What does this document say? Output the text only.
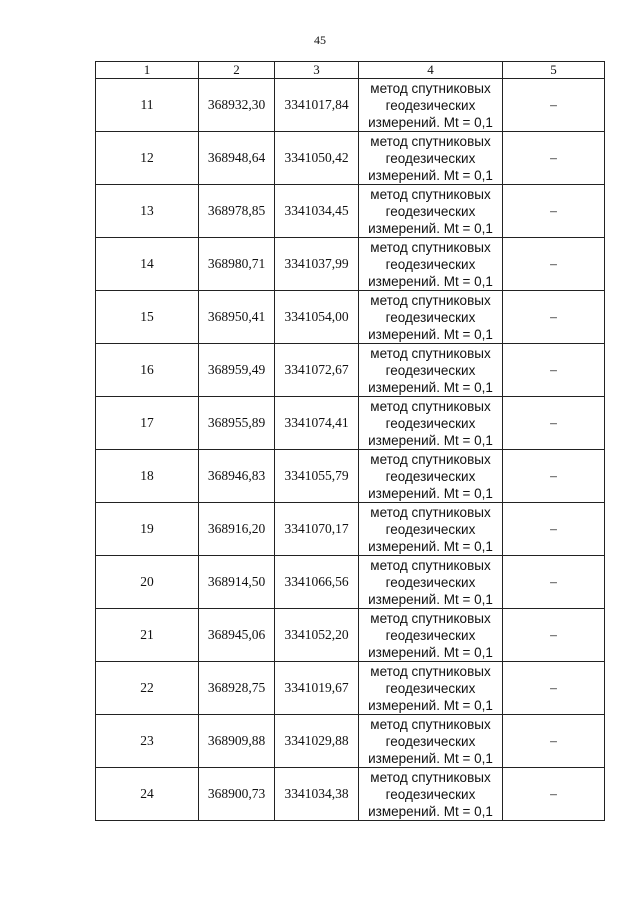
45
1	2	3	4	5
11	368932,30	3341017,84	метод спутниковых
геодезических
измерений. Mt = 0,1	–
12	368948,64	3341050,42	метод спутниковых
геодезических
измерений. Mt = 0,1	–
13	368978,85	3341034,45	метод спутниковых
геодезических
измерений. Mt = 0,1	–
14	368980,71	3341037,99	метод спутниковых
геодезических
измерений. Mt = 0,1	–
15	368950,41	3341054,00	метод спутниковых
геодезических
измерений. Mt = 0,1	–
16	368959,49	3341072,67	метод спутниковых
геодезических
измерений. Mt = 0,1	–
17	368955,89	3341074,41	метод спутниковых
геодезических
измерений. Mt = 0,1	–
18	368946,83	3341055,79	метод спутниковых
геодезических
измерений. Mt = 0,1	–
19	368916,20	3341070,17	метод спутниковых
геодезических
измерений. Mt = 0,1	–
20	368914,50	3341066,56	метод спутниковых
геодезических
измерений. Mt = 0,1	–
21	368945,06	3341052,20	метод спутниковых
геодезических
измерений. Mt = 0,1	–
22	368928,75	3341019,67	метод спутниковых
геодезических
измерений. Mt = 0,1	–
23	368909,88	3341029,88	метод спутниковых
геодезических
измерений. Mt = 0,1	–
24	368900,73	3341034,38	метод спутниковых
геодезических
измерений. Mt = 0,1	–
